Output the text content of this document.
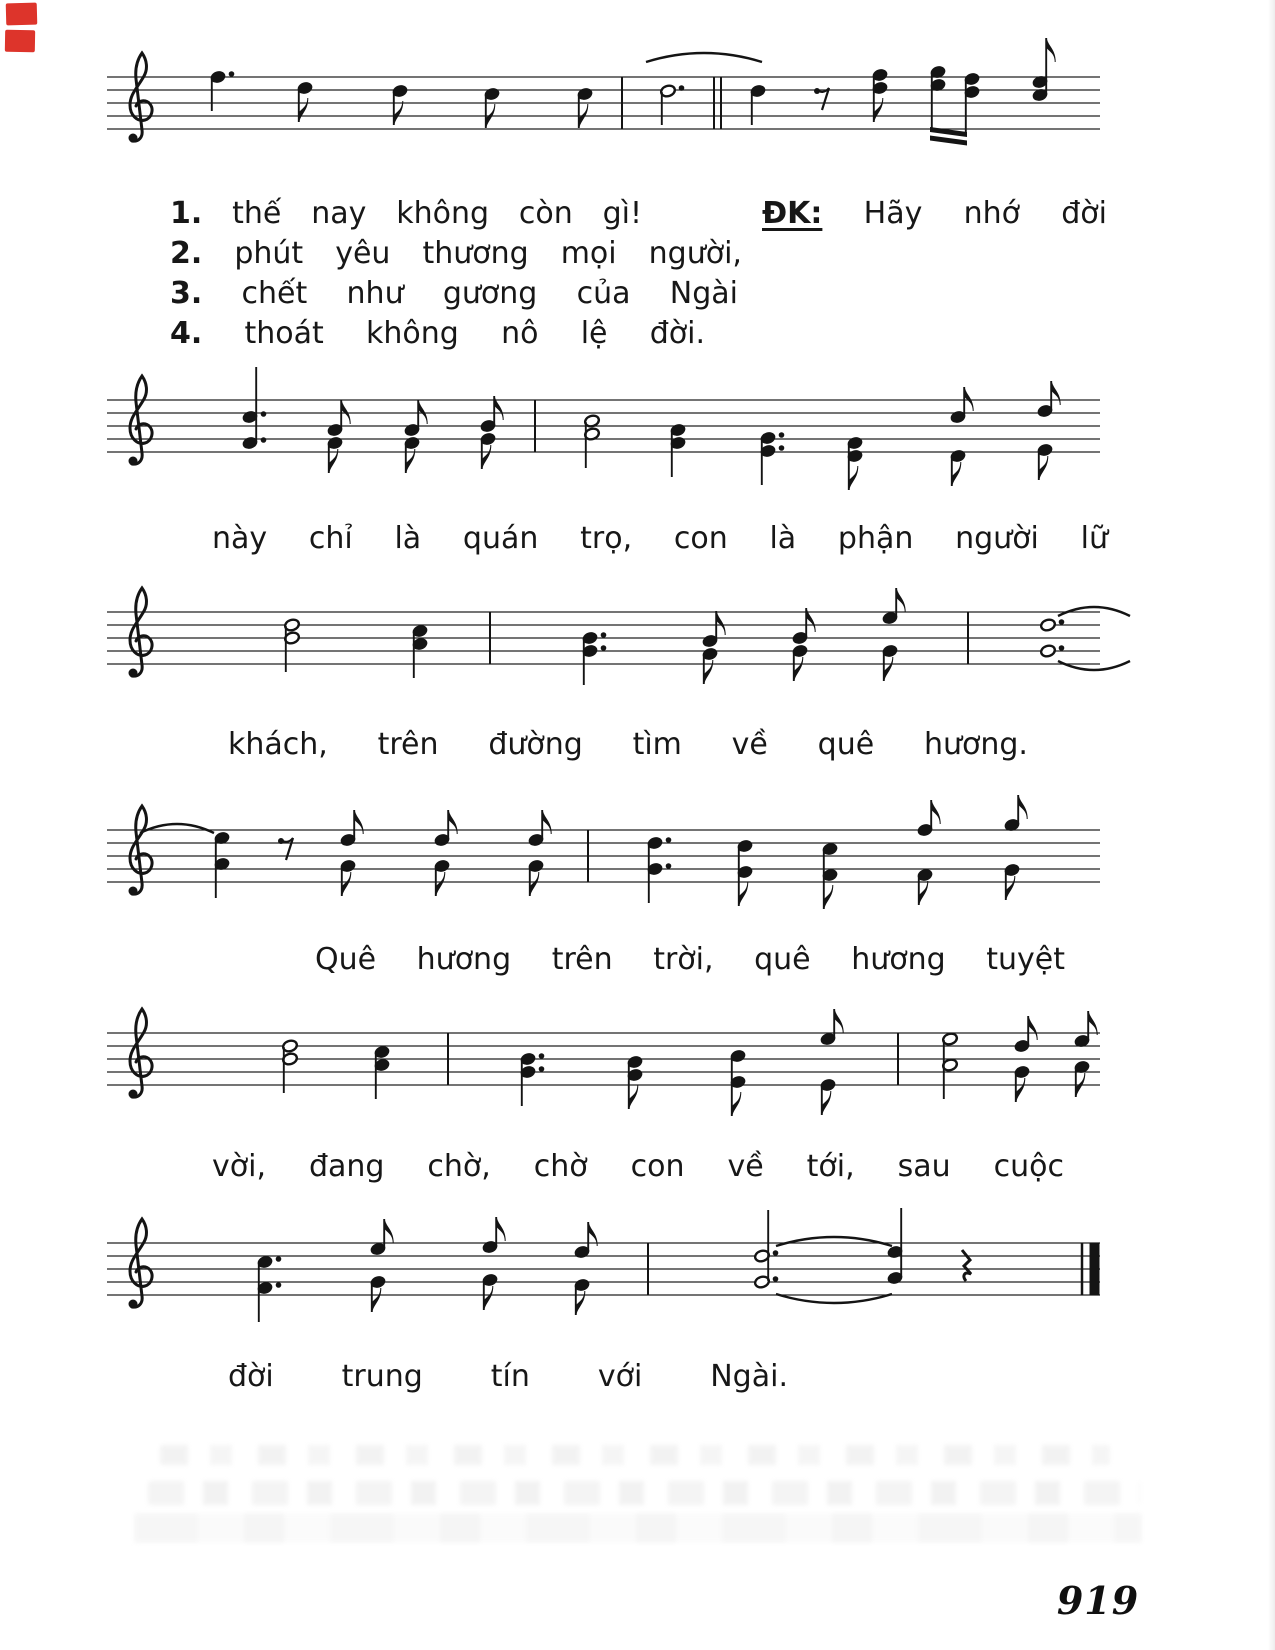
1. thế nay không còn gì!
2. phút yêu thương mọi người,
3. chết như gương của Ngài
4. thoát không nô lệ đời.
ĐK: Hãy nhớ đời
này chỉ là quán trọ, con là phận người lữ
khách, trên đường tìm về quê hương.
Quê hương trên trời, quê hương tuyệt
vời, đang chờ, chờ con về tới, sau cuộc
đời trung tín với Ngài.
919
